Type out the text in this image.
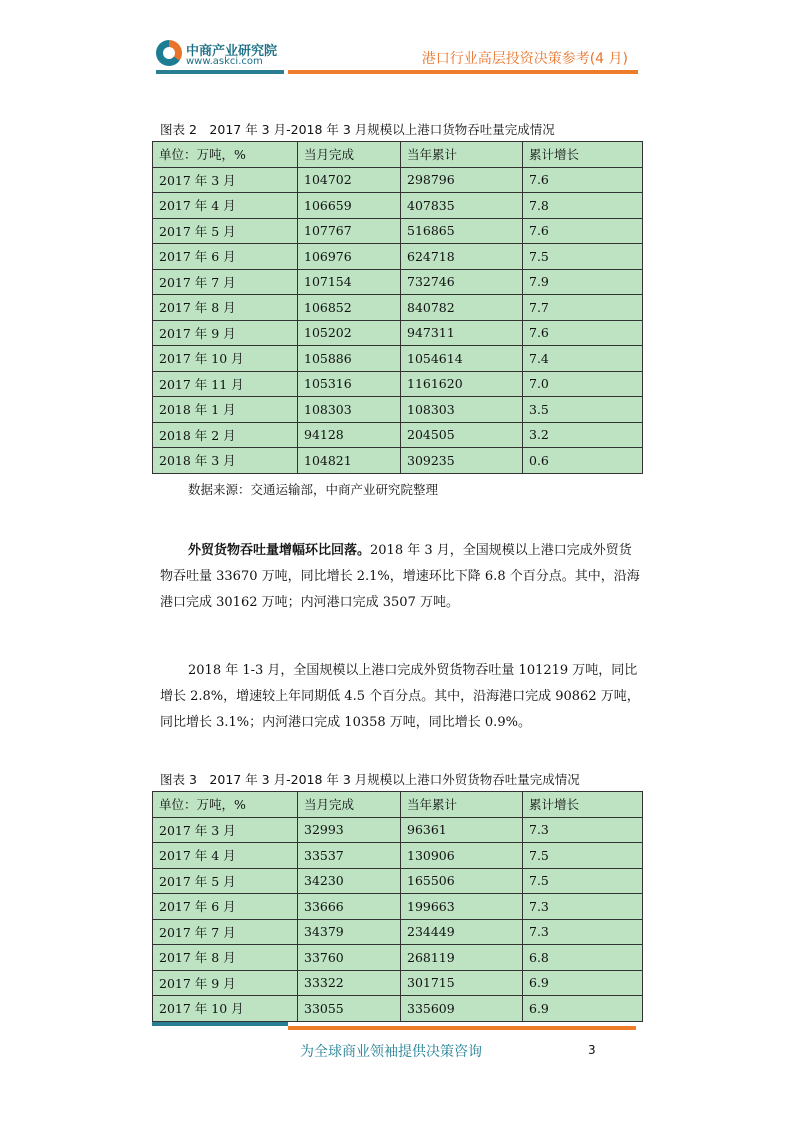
中商产业研究院
www.askci.com	港口行业高层投资决策参考(4 月)
图表 2　2017 年 3 月-2018 年 3 月规模以上港口货物吞吐量完成情况
单位：万吨，%	当月完成	当年累计	累计增长
2017 年 3 月	104702	298796	7.6
2017 年 4 月	106659	407835	7.8
2017 年 5 月	107767	516865	7.6
2017 年 6 月	106976	624718	7.5
2017 年 7 月	107154	732746	7.9
2017 年 8 月	106852	840782	7.7
2017 年 9 月	105202	947311	7.6
2017 年 10 月	105886	1054614	7.4
2017 年 11 月	105316	1161620	7.0
2018 年 1 月	108303	108303	3.5
2018 年 2 月	94128	204505	3.2
2018 年 3 月	104821	309235	0.6
数据来源：交通运输部，中商产业研究院整理

外贸货物吞吐量增幅环比回落。2018 年 3 月，全国规模以上港口完成外贸货物吞吐量 33670 万吨，同比增长 2.1%，增速环比下降 6.8 个百分点。其中，沿海港口完成 30162 万吨；内河港口完成 3507 万吨。

2018 年 1-3 月，全国规模以上港口完成外贸货物吞吐量 101219 万吨，同比增长 2.8%，增速较上年同期低 4.5 个百分点。其中，沿海港口完成 90862 万吨，同比增长 3.1%；内河港口完成 10358 万吨，同比增长 0.9%。

图表 3　2017 年 3 月-2018 年 3 月规模以上港口外贸货物吞吐量完成情况
单位：万吨，%	当月完成	当年累计	累计增长
2017 年 3 月	32993	96361	7.3
2017 年 4 月	33537	130906	7.5
2017 年 5 月	34230	165506	7.5
2017 年 6 月	33666	199663	7.3
2017 年 7 月	34379	234449	7.3
2017 年 8 月	33760	268119	6.8
2017 年 9 月	33322	301715	6.9
2017 年 10 月	33055	335609	6.9
为全球商业领袖提供决策咨询	3
